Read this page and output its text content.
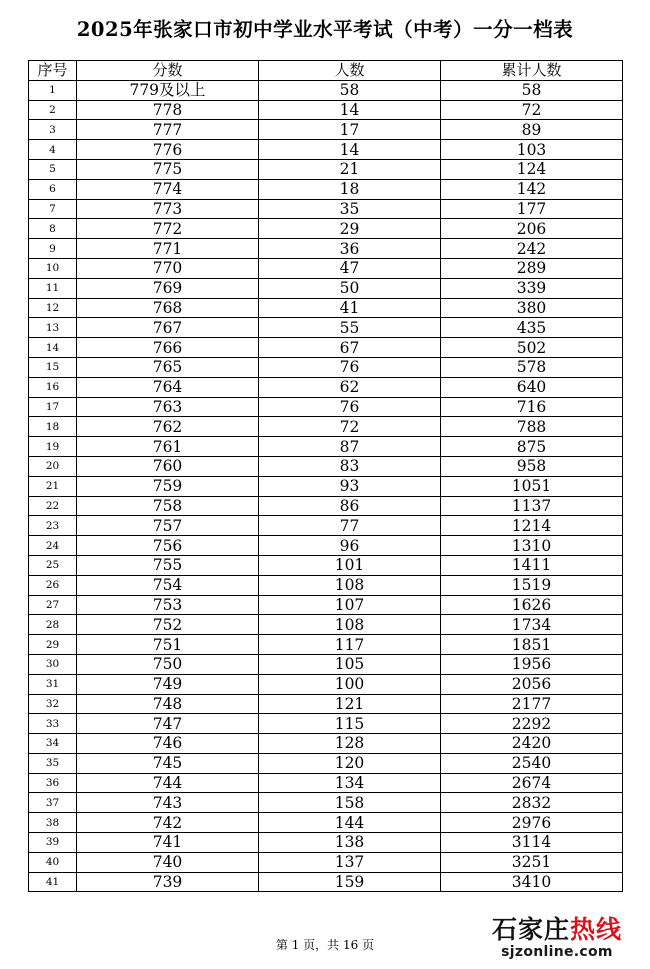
2025年张家口市初中学业水平考试（中考）一分一档表
序号	分数	人数	累计人数
1	779及以上	58	58
2	778	14	72
3	777	17	89
4	776	14	103
5	775	21	124
6	774	18	142
7	773	35	177
8	772	29	206
9	771	36	242
10	770	47	289
11	769	50	339
12	768	41	380
13	767	55	435
14	766	67	502
15	765	76	578
16	764	62	640
17	763	76	716
18	762	72	788
19	761	87	875
20	760	83	958
21	759	93	1051
22	758	86	1137
23	757	77	1214
24	756	96	1310
25	755	101	1411
26	754	108	1519
27	753	107	1626
28	752	108	1734
29	751	117	1851
30	750	105	1956
31	749	100	2056
32	748	121	2177
33	747	115	2292
34	746	128	2420
35	745	120	2540
36	744	134	2674
37	743	158	2832
38	742	144	2976
39	741	138	3114
40	740	137	3251
41	739	159	3410
第 1 页，共 16 页
石家庄热线
sjzonline.com
